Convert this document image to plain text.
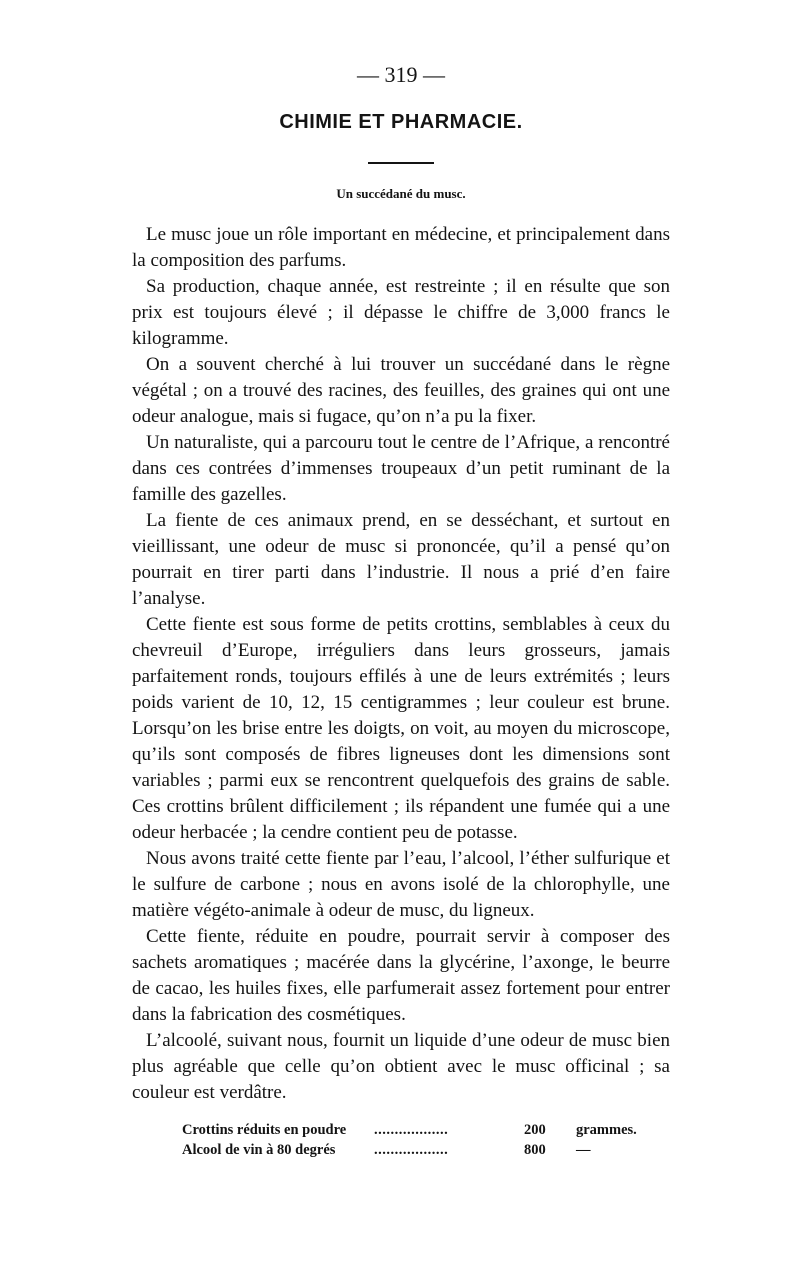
— 319 —
CHIMIE ET PHARMACIE.
Un succédané du musc.

Le musc joue un rôle important en médecine, et principalement dans la composition des parfums.

Sa production, chaque année, est restreinte ; il en résulte que son prix est toujours élevé ; il dépasse le chiffre de 3,000 francs le kilogramme.

On a souvent cherché à lui trouver un succédané dans le règne végétal ; on a trouvé des racines, des feuilles, des graines qui ont une odeur analogue, mais si fugace, qu’on n’a pu la fixer.

Un naturaliste, qui a parcouru tout le centre de l’Afrique, a rencontré dans ces contrées d’immenses troupeaux d’un petit ruminant de la famille des gazelles.

La fiente de ces animaux prend, en se desséchant, et surtout en vieillissant, une odeur de musc si prononcée, qu’il a pensé qu’on pourrait en tirer parti dans l’industrie. Il nous a prié d’en faire l’analyse.

Cette fiente est sous forme de petits crottins, semblables à ceux du chevreuil d’Europe, irréguliers dans leurs grosseurs, jamais parfaitement ronds, toujours effilés à une de leurs extrémités ; leurs poids varient de 10, 12, 15 centigrammes ; leur couleur est brune. Lorsqu’on les brise entre les doigts, on voit, au moyen du microscope, qu’ils sont composés de fibres ligneuses dont les dimensions sont variables ; parmi eux se rencontrent quelquefois des grains de sable. Ces crottins brûlent difficilement ; ils répandent une fumée qui a une odeur herbacée ; la cendre contient peu de potasse.

Nous avons traité cette fiente par l’eau, l’alcool, l’éther sulfurique et le sulfure de carbone ; nous en avons isolé de la chlorophylle, une matière végéto-animale à odeur de musc, du ligneux.

Cette fiente, réduite en poudre, pourrait servir à composer des sachets aromatiques ; macérée dans la glycérine, l’axonge, le beurre de cacao, les huiles fixes, elle parfumerait assez fortement pour entrer dans la fabrication des cosmétiques.

L’alcoolé, suivant nous, fournit un liquide d’une odeur de musc bien plus agréable que celle qu’on obtient avec le musc officinal ; sa couleur est verdâtre.

Crottins réduits en poudre	..................	200	grammes.
Alcool de vin à 80 degrés	..................	800	—
